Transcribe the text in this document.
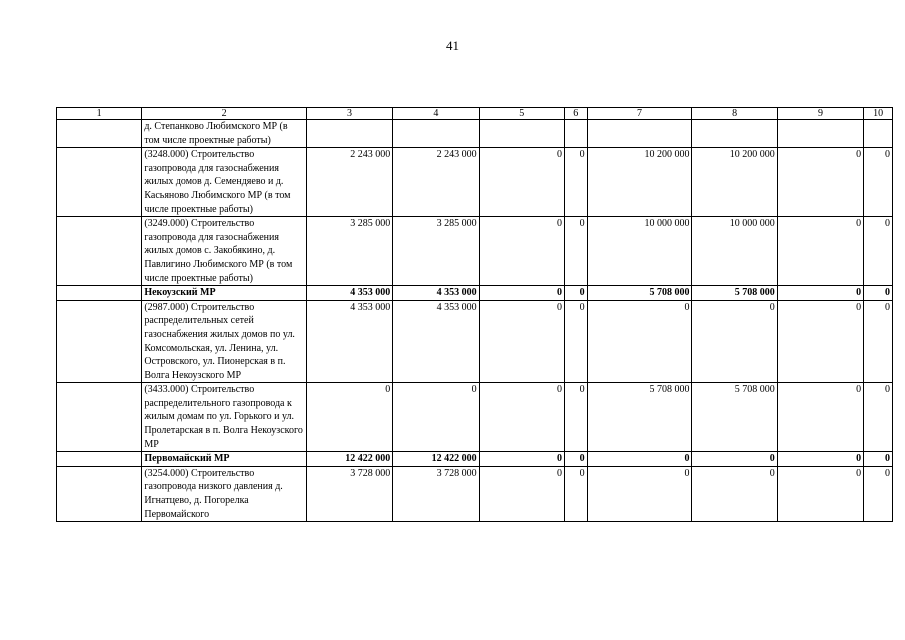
41
1	2	3	4	5	6	7	8	9	10
	д. Степанково Любимского МР (в том числе проектные работы)								
	(3248.000) Строительство газопровода для газоснабжения жилых домов д. Семендяево и д. Касьяново Любимского МР (в том числе проектные работы)	2 243 000	2 243 000	0	0	10 200 000	10 200 000	0	0
	(3249.000) Строительство газопровода для газоснабжения жилых домов с. Закобякино, д. Павлигино Любимского МР (в том числе проектные работы)	3 285 000	3 285 000	0	0	10 000 000	10 000 000	0	0
	Некоузский МР	4 353 000	4 353 000	0	0	5 708 000	5 708 000	0	0
	(2987.000) Строительство распределительных сетей газоснабжения жилых домов по ул. Комсомольская, ул. Ленина, ул. Островского, ул. Пионерская в п. Волга Некоузского МР	4 353 000	4 353 000	0	0	0	0	0	0
	(3433.000) Строительство распределительного газопровода к жилым домам по ул. Горького и ул. Пролетарская в п. Волга Некоузского МР	0	0	0	0	5 708 000	5 708 000	0	0
	Первомайский МР	12 422 000	12 422 000	0	0	0	0	0	0
	(3254.000) Строительство газопровода низкого давления д. Игнатцево, д. Погорелка Первомайского	3 728 000	3 728 000	0	0	0	0	0	0
